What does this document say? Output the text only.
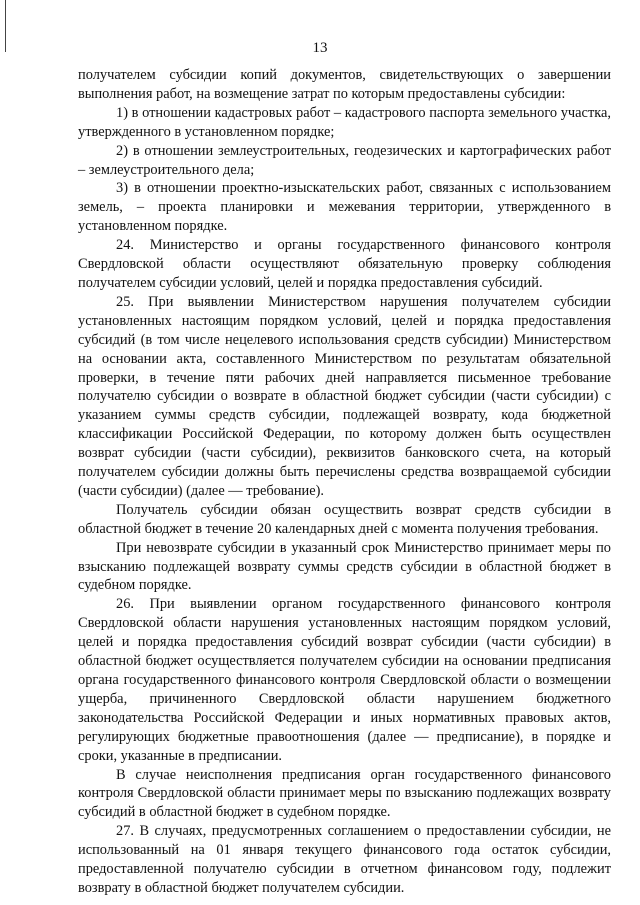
13

получателем субсидии копий документов, свидетельствующих о завершении выполнения работ, на возмещение затрат по которым предоставлены субсидии:

1) в отношении кадастровых работ – кадастрового паспорта земельного участка, утвержденного в установленном порядке;

2) в отношении землеустроительных, геодезических и картографических работ – землеустроительного дела;

3) в отношении проектно-изыскательских работ, связанных с использованием земель, – проекта планировки и межевания территории, утвержденного в установленном порядке.

24. Министерство и органы государственного финансового контроля Свердловской области осуществляют обязательную проверку соблюдения получателем субсидии условий, целей и порядка предоставления субсидий.

25. При выявлении Министерством нарушения получателем субсидии установленных настоящим порядком условий, целей и порядка предоставления субсидий (в том числе нецелевого использования средств субсидии) Министерством на основании акта, составленного Министерством по результатам обязательной проверки, в течение пяти рабочих дней направляется письменное требование получателю субсидии о возврате в областной бюджет субсидии (части субсидии) с указанием суммы средств субсидии, подлежащей возврату, кода бюджетной классификации Российской Федерации, по которому должен быть осуществлен возврат субсидии (части субсидии), реквизитов банковского счета, на который получателем субсидии должны быть перечислены средства возвращаемой субсидии (части субсидии) (далее — требование).

Получатель субсидии обязан осуществить возврат средств субсидии в областной бюджет в течение 20 календарных дней с момента получения требования.

При невозврате субсидии в указанный срок Министерство принимает меры по взысканию подлежащей возврату суммы средств субсидии в областной бюджет в судебном порядке.

26. При выявлении органом государственного финансового контроля Свердловской области нарушения установленных настоящим порядком условий, целей и порядка предоставления субсидий возврат субсидии (части субсидии) в областной бюджет осуществляется получателем субсидии на основании предписания органа государственного финансового контроля Свердловской области о возмещении ущерба, причиненного Свердловской области нарушением бюджетного законодательства Российской Федерации и иных нормативных правовых актов, регулирующих бюджетные правоотношения (далее — предписание), в порядке и сроки, указанные в предписании.

В случае неисполнения предписания орган государственного финансового контроля Свердловской области принимает меры по взысканию подлежащих возврату субсидий в областной бюджет в судебном порядке.

27. В случаях, предусмотренных соглашением о предоставлении субсидии, не использованный на 01 января текущего финансового года остаток субсидии, предоставленной получателю субсидии в отчетном финансовом году, подлежит возврату в областной бюджет получателем субсидии.
